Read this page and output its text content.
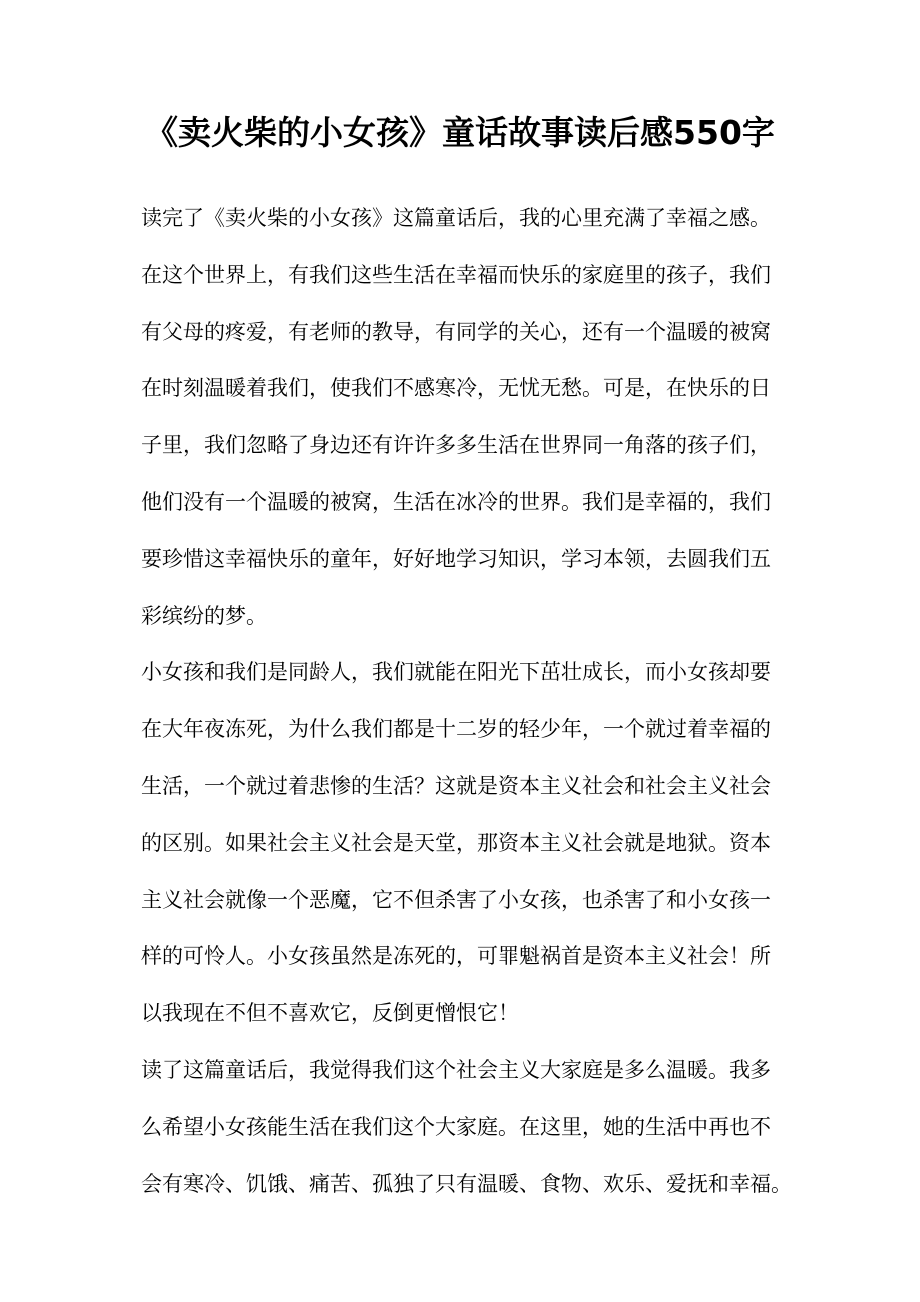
《卖火柴的小女孩》童话故事读后感550字
读完了《卖火柴的小女孩》这篇童话后，我的心里充满了幸福之感。
在这个世界上，有我们这些生活在幸福而快乐的家庭里的孩子，我们
有父母的疼爱，有老师的教导，有同学的关心，还有一个温暖的被窝
在时刻温暖着我们，使我们不感寒冷，无忧无愁。可是，在快乐的日
子里，我们忽略了身边还有许许多多生活在世界同一角落的孩子们，
他们没有一个温暖的被窝，生活在冰冷的世界。我们是幸福的，我们
要珍惜这幸福快乐的童年，好好地学习知识，学习本领，去圆我们五
彩缤纷的梦。
小女孩和我们是同龄人，我们就能在阳光下茁壮成长，而小女孩却要
在大年夜冻死，为什么我们都是十二岁的轻少年，一个就过着幸福的
生活，一个就过着悲惨的生活？这就是资本主义社会和社会主义社会
的区别。如果社会主义社会是天堂，那资本主义社会就是地狱。资本
主义社会就像一个恶魔，它不但杀害了小女孩，也杀害了和小女孩一
样的可怜人。小女孩虽然是冻死的，可罪魁祸首是资本主义社会！所
以我现在不但不喜欢它，反倒更憎恨它！
读了这篇童话后，我觉得我们这个社会主义大家庭是多么温暖。我多
么希望小女孩能生活在我们这个大家庭。在这里，她的生活中再也不
会有寒冷、饥饿、痛苦、孤独了只有温暖、食物、欢乐、爱抚和幸福。
